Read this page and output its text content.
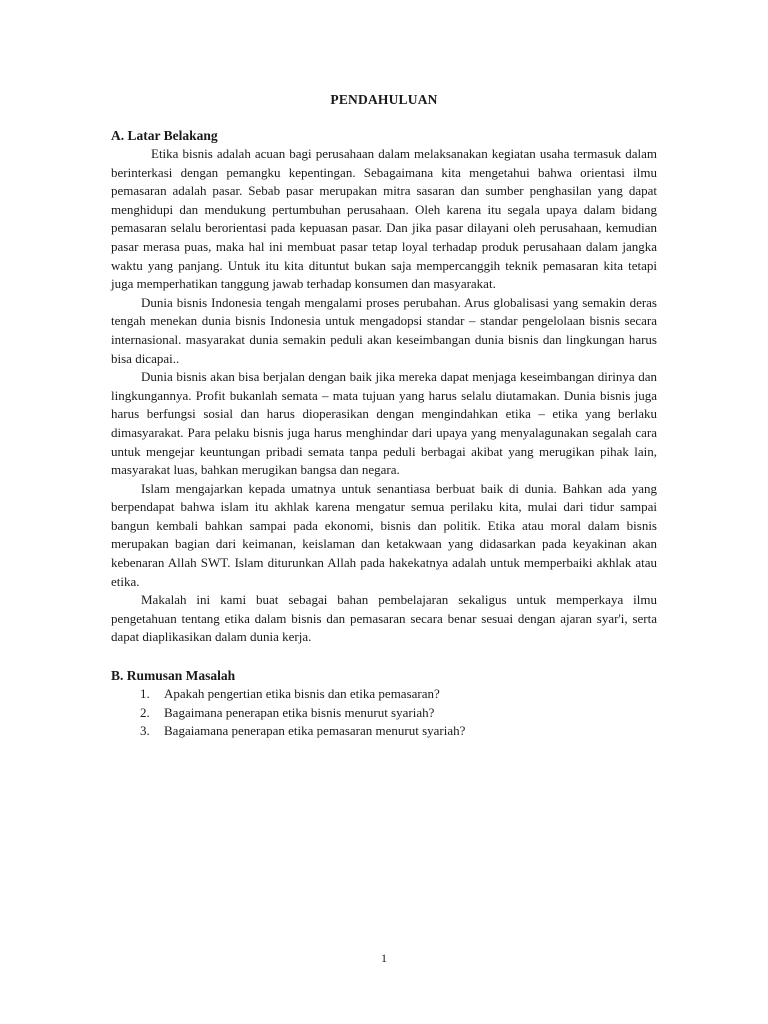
PENDAHULUAN
A. Latar Belakang

Etika bisnis adalah acuan bagi perusahaan dalam melaksanakan kegiatan usaha termasuk dalam berinterkasi dengan pemangku kepentingan. Sebagaimana kita mengetahui bahwa orientasi ilmu pemasaran adalah pasar. Sebab pasar merupakan mitra sasaran dan sumber penghasilan yang dapat menghidupi dan mendukung pertumbuhan perusahaan. Oleh karena itu segala upaya dalam bidang pemasaran selalu berorientasi pada kepuasan pasar. Dan jika pasar dilayani oleh perusahaan, kemudian pasar merasa puas, maka hal ini membuat pasar tetap loyal terhadap produk perusahaan dalam jangka waktu yang panjang. Untuk itu kita dituntut bukan saja mempercanggih teknik pemasaran kita tetapi juga memperhatikan tanggung jawab terhadap konsumen dan masyarakat.

Dunia bisnis Indonesia tengah mengalami proses perubahan. Arus globalisasi yang semakin deras tengah menekan dunia bisnis Indonesia untuk mengadopsi standar – standar pengelolaan bisnis secara internasional. masyarakat dunia semakin peduli akan keseimbangan dunia bisnis dan lingkungan harus bisa dicapai..

Dunia bisnis akan bisa berjalan dengan baik jika mereka dapat menjaga keseimbangan dirinya dan lingkungannya. Profit bukanlah semata – mata tujuan yang harus selalu diutamakan. Dunia bisnis juga harus berfungsi sosial dan harus dioperasikan dengan mengindahkan etika – etika yang berlaku dimasyarakat. Para pelaku bisnis juga harus menghindar dari upaya yang menyalagunakan segalah cara untuk mengejar keuntungan pribadi semata tanpa peduli berbagai akibat yang merugikan pihak lain, masyarakat luas, bahkan merugikan bangsa dan negara.

Islam mengajarkan kepada umatnya untuk senantiasa berbuat baik di dunia. Bahkan ada yang berpendapat bahwa islam itu akhlak karena mengatur semua perilaku kita, mulai dari tidur sampai bangun kembali bahkan sampai pada ekonomi, bisnis dan politik. Etika atau moral dalam bisnis merupakan bagian dari keimanan, keislaman dan ketakwaan yang didasarkan pada keyakinan akan kebenaran Allah SWT. Islam diturunkan Allah pada hakekatnya adalah untuk memperbaiki akhlak atau etika.

Makalah ini kami buat sebagai bahan pembelajaran sekaligus untuk memperkaya ilmu pengetahuan tentang etika dalam bisnis dan pemasaran secara benar sesuai dengan ajaran syar'i, serta dapat diaplikasikan dalam dunia kerja.

B. Rumusan Masalah
1.	Apakah pengertian etika bisnis dan etika pemasaran?
2.	Bagaimana penerapan etika bisnis menurut syariah?
3.	Bagaiamana penerapan etika pemasaran menurut syariah?
1
